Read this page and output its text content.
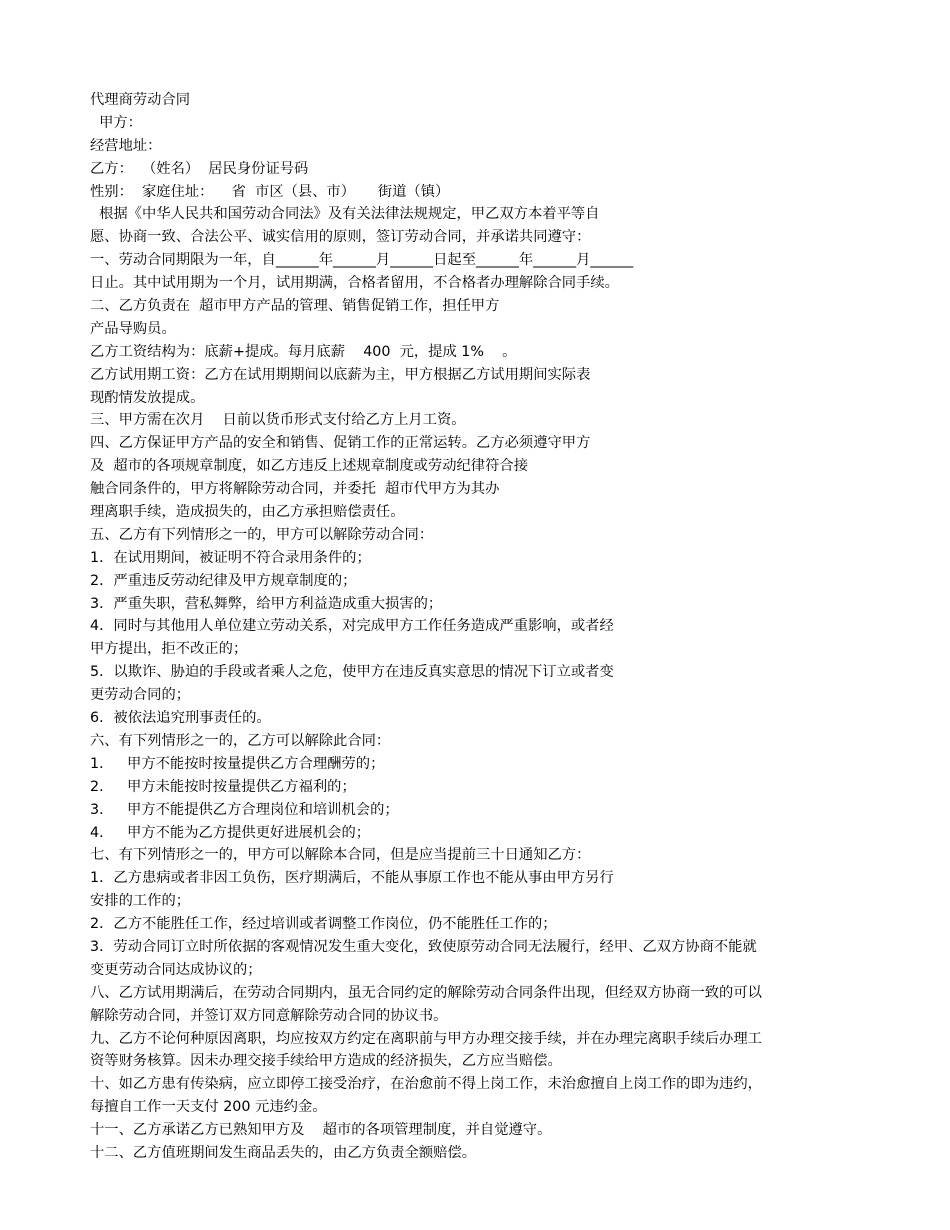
代理商劳动合同
甲方：
经营地址：
乙方：  （姓名）  居民身份证号码
性别：  家庭住址：    省  市区（县、市）     街道（镇）
根据《中华人民共和国劳动合同法》及有关法律法规规定，甲乙双方本着平等自
愿、协商一致、合法公平、诚实信用的原则，签订劳动合同，并承诺共同遵守：
一、劳动合同期限为一年，自______年______月______日起至______年______月______
日止。其中试用期为一个月，试用期满，合格者留用，不合格者办理解除合同手续。
二、乙方负责在  超市甲方产品的管理、销售促销工作，担任甲方
产品导购员。
乙方工资结构为：底薪+提成。每月底薪    400  元，提成 1%    。
乙方试用期工资：乙方在试用期期间以底薪为主，甲方根据乙方试用期间实际表
现酌情发放提成。
三、甲方需在次月    日前以货币形式支付给乙方上月工资。
四、乙方保证甲方产品的安全和销售、促销工作的正常运转。乙方必须遵守甲方
及  超市的各项规章制度，如乙方违反上述规章制度或劳动纪律符合接
触合同条件的，甲方将解除劳动合同，并委托  超市代甲方为其办
理离职手续，造成损失的，由乙方承担赔偿责任。
五、乙方有下列情形之一的，甲方可以解除劳动合同：
1．在试用期间，被证明不符合录用条件的；
2．严重违反劳动纪律及甲方规章制度的；
3．严重失职，营私舞弊，给甲方利益造成重大损害的；
4．同时与其他用人单位建立劳动关系，对完成甲方工作任务造成严重影响，或者经
甲方提出，拒不改正的；
5．以欺诈、胁迫的手段或者乘人之危，使甲方在违反真实意思的情况下订立或者变
更劳动合同的；
6．被依法追究刑事责任的。
六、有下列情形之一的，乙方可以解除此合同：
1．   甲方不能按时按量提供乙方合理酬劳的；
2．   甲方未能按时按量提供乙方福利的；
3．   甲方不能提供乙方合理岗位和培训机会的；
4．   甲方不能为乙方提供更好进展机会的；
七、有下列情形之一的，甲方可以解除本合同，但是应当提前三十日通知乙方：
1．乙方患病或者非因工负伤，医疗期满后，不能从事原工作也不能从事由甲方另行
安排的工作的；
2．乙方不能胜任工作，经过培训或者调整工作岗位，仍不能胜任工作的；
3．劳动合同订立时所依据的客观情况发生重大变化，致使原劳动合同无法履行，经甲、乙双方协商不能就
变更劳动合同达成协议的；
八、乙方试用期满后，在劳动合同期内，虽无合同约定的解除劳动合同条件出现，但经双方协商一致的可以
解除劳动合同，并签订双方同意解除劳动合同的协议书。
九、乙方不论何种原因离职，均应按双方约定在离职前与甲方办理交接手续，并在办理完离职手续后办理工
资等财务核算。因未办理交接手续给甲方造成的经济损失，乙方应当赔偿。
十、如乙方患有传染病，应立即停工接受治疗，在治愈前不得上岗工作，未治愈擅自上岗工作的即为违约，
每擅自工作一天支付 200 元违约金。
十一、乙方承诺乙方已熟知甲方及    超市的各项管理制度，并自觉遵守。
十二、乙方值班期间发生商品丢失的，由乙方负责全额赔偿。
